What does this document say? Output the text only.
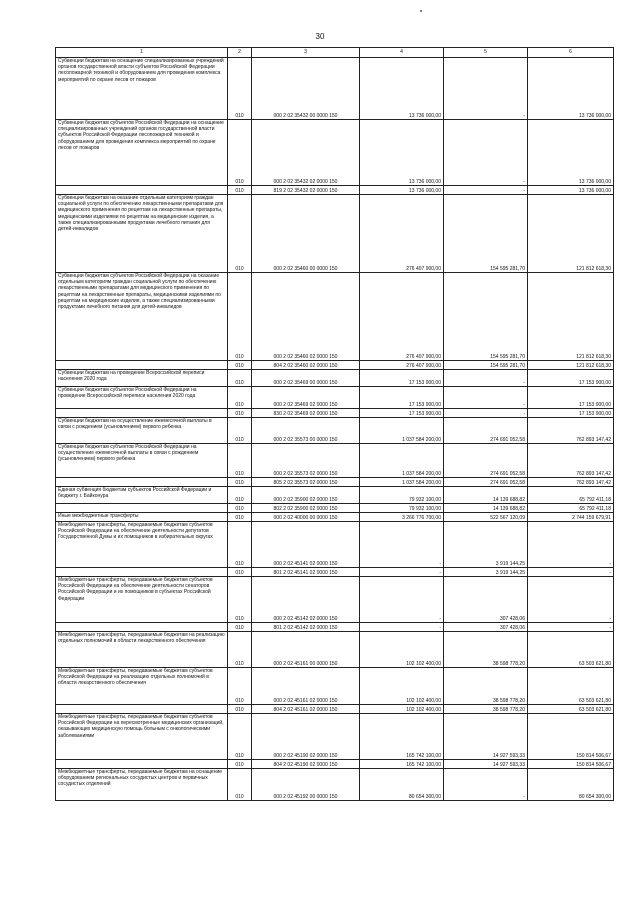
30
1	2	3	4	5	6
Субвенции бюджетам на оснащение специализированных учреждений органов государственной власти субъектов Российской Федерации лесопожарной техникой и оборудованием для проведения комплекса мероприятий по охране лесов от пожаров	010	000 2 02 35432 00 0000 150	13 736 000,00	-	13 736 000,00
Субвенции бюджетам субъектов Российской Федерации на оснащение специализированных учреждений органов государственной власти субъектов Российской Федерации лесопожарной техникой и оборудованием для проведения комплекса мероприятий по охране лесов от пожаров	010	000 2 02 35432 02 0000 150	13 736 000,00	-	13 736 000,00
	010	819 2 02 35432 02 0000 150	13 736 000,00	-	13 736 000,00
Субвенции бюджетам на оказание отдельным категориям граждан социальной услуги по обеспечению лекарственными препаратами для медицинского применения по рецептам на лекарственные препараты, медицинскими изделиями по рецептам на медицинские изделия, а также специализированными продуктами лечебного питания для детей-инвалидов	010	000 2 02 35460 00 0000 150	276 407 900,00	154 595 281,70	121 812 618,30
Субвенции бюджетам субъектов Российской Федерации на оказание отдельным категориям граждан социальной услуги по обеспечению лекарственными препаратами для медицинского применения по рецептам на лекарственные препараты, медицинскими изделиями по рецептам на медицинские изделия, а также специализированными продуктами лечебного питания для детей-инвалидов	010	000 2 02 35460 02 0000 150	276 407 900,00	154 595 281,70	121 812 618,30
	010	804 2 02 35460 02 0000 150	276 407 900,00	154 595 281,70	121 812 618,30
Субвенции бюджетам на проведение Всероссийской переписи населения 2020 года	010	000 2 02 35469 00 0000 150	17 153 900,00	-	17 153 900,00
Субвенции бюджетам субъектов Российской Федерации на проведение Всероссийской переписи населения 2020 года	010	000 2 02 35469 02 0000 150	17 153 900,00	-	17 153 900,00
	010	830 2 02 35469 02 0000 150	17 153 900,00	-	17 153 900,00
Субвенции бюджетам на осуществление ежемесячной выплаты в связи с рождением (усыновлением) первого ребенка	010	000 2 02 35573 00 0000 150	1 037 584 200,00	274 691 052,58	762 893 147,42
Субвенции бюджетам субъектов Российской Федерации на осуществление ежемесячной выплаты в связи с рождением (усыновлением) первого ребенка	010	000 2 02 35573 02 0000 150	1 037 584 200,00	274 691 052,58	762 893 147,42
	010	805 2 02 35573 02 0000 150	1 037 584 200,00	274 691 052,58	762 893 147,42
Единая субвенция бюджетам субъектов Российской Федерации и бюджету г. Байконура	010	000 2 02 35900 02 0000 150	79 932 100,00	14 139 688,82	65 792 411,18
	010	802 2 02 35900 02 0000 150	79 932 100,00	14 139 688,82	65 792 411,18
Иные межбюджетные трансферты	010	000 2 02 40000 00 0000 150	3 266 776 700,00	522 567 120,09	2 744 159 679,91
Межбюджетные трансферты, передаваемые бюджетам субъектов Российской Федерации на обеспечение деятельности депутатов Государственной Думы и их помощников в избирательных округах	010	000 2 02 45141 02 0000 150	-	3 919 144,25	-
	010	801 2 02 45141 02 0000 150	-	3 919 144,25	-
Межбюджетные трансферты, передаваемые бюджетам субъектов Российской Федерации на обеспечение деятельности сенаторов Российской Федерации и их помощников в субъектах Российской Федерации	010	000 2 02 45142 02 0000 150	-	307 428,06	-
	010	801 2 02 45142 02 0000 150	-	307 428,06	-
Межбюджетные трансферты, передаваемые бюджетам на реализацию отдельных полномочий в области лекарственного обеспечения	010	000 2 02 45161 00 0000 150	102 102 400,00	38 598 778,20	63 503 621,80
Межбюджетные трансферты, передаваемые бюджетам субъектов Российской Федерации на реализацию отдельных полномочий в области лекарственного обеспечения	010	000 2 02 45161 02 0000 150	102 102 400,00	38 598 778,20	63 503 621,80
	010	804 2 02 45161 02 0000 150	102 102 400,00	38 598 778,20	63 503 621,80
Межбюджетные трансферты, передаваемые бюджетам субъектов Российской Федерации на пересмотренные медицинских организаций, оказывающих медицинскую помощь больным с онкологическими заболеваниями	010	000 2 02 45190 02 0000 150	165 742 100,00	14 927 593,33	150 814 506,67
	010	804 2 02 45190 02 0000 150	165 742 100,00	14 927 593,33	150 814 506,67
Межбюджетные трансферты, передаваемые бюджетам на оснащение оборудованием региональных сосудистых центров и первичных сосудистых отделений	010	000 2 02 45192 00 0000 150	80 654 300,00	-	80 654 300,00
